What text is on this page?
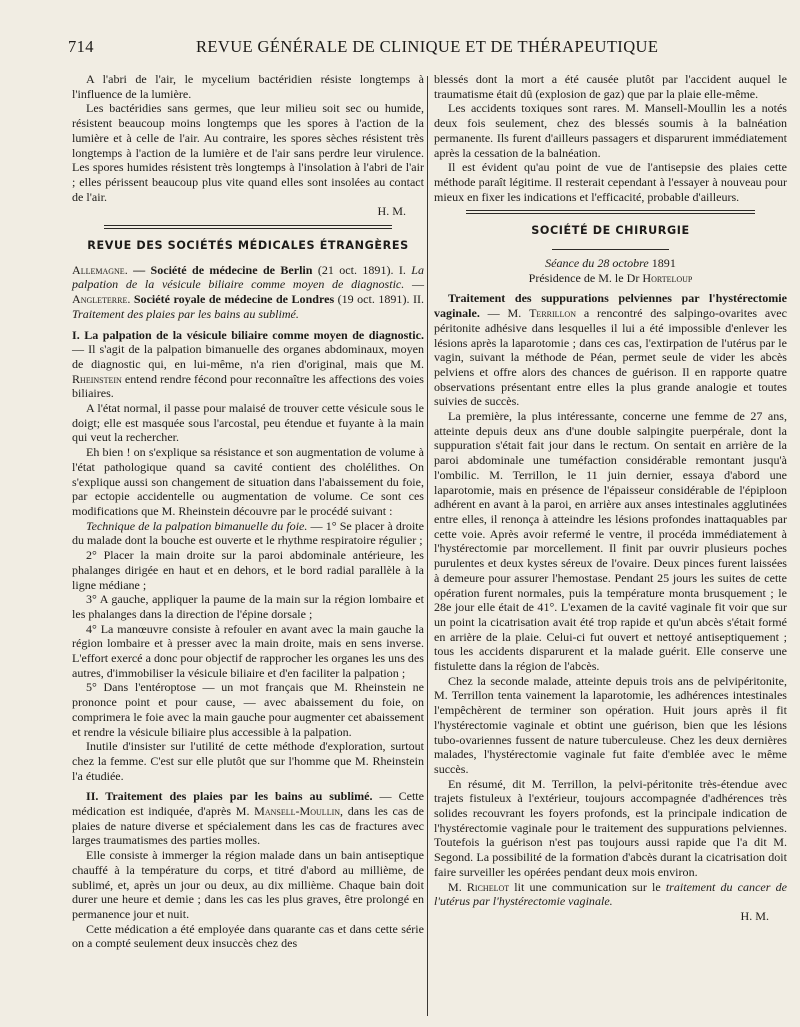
714	REVUE GÉNÉRALE DE CLINIQUE ET DE THÉRAPEUTIQUE

A l'abri de l'air, le mycelium bactéridien résiste longtemps à l'influence de la lumière.

Les bactéridies sans germes, que leur milieu soit sec ou humide, résistent beaucoup moins longtemps que les spores à l'action de la lumière et à celle de l'air. Au contraire, les spores sèches résistent très longtemps à l'action de la lumière et de l'air sans perdre leur virulence. Les spores humides résistent très longtemps à l'insolation à l'abri de l'air ; elles périssent beaucoup plus vite quand elles sont insolées au contact de l'air.

H. M.

REVUE DES SOCIÉTÉS MÉDICALES ÉTRANGÈRES

Allemagne. — Société de médecine de Berlin (21 oct. 1891). I. La palpation de la vésicule biliaire comme moyen de diagnostic. — Angleterre. Société royale de médecine de Londres (19 oct. 1891). II. Traitement des plaies par les bains au sublimé.

I. La palpation de la vésicule biliaire comme moyen de diagnostic. — Il s'agit de la palpation bimanuelle des organes abdominaux, moyen de diagnostic qui, en lui-même, n'a rien d'original, mais que M. Rheinstein entend rendre fécond pour reconnaître les affections des voies biliaires.

A l'état normal, il passe pour malaisé de trouver cette vésicule sous le doigt; elle est masquée sous l'arcostal, peu étendue et fuyante à la main qui veut la rechercher.

Eh bien ! on s'explique sa résistance et son augmentation de volume à l'état pathologique quand sa cavité contient des cholélithes. On s'explique aussi son changement de situation dans l'abaissement du foie, par ectopie accidentelle ou augmentation de volume. Ce sont ces modifications que M. Rheinstein découvre par le procédé suivant :

Technique de la palpation bimanuelle du foie. — 1° Se placer à droite du malade dont la bouche est ouverte et le rhythme respiratoire régulier ;

2° Placer la main droite sur la paroi abdominale antérieure, les phalanges dirigée en haut et en dehors, et le bord radial parallèle à la ligne médiane ;

3° A gauche, appliquer la paume de la main sur la région lombaire et les phalanges dans la direction de l'épine dorsale ;

4° La manœuvre consiste à refouler en avant avec la main gauche la région lombaire et à presser avec la main droite, mais en sens inverse. L'effort exercé a donc pour objectif de rapprocher les organes les uns des autres, d'immobiliser la vésicule biliaire et d'en faciliter la palpation ;

5° Dans l'entéroptose — un mot français que M. Rheinstein ne prononce point et pour cause, — avec abaissement du foie, on comprimera le foie avec la main gauche pour augmenter cet abaissement et rendre la vésicule biliaire plus accessible à la palpation.

Inutile d'insister sur l'utilité de cette méthode d'exploration, surtout chez la femme. C'est sur elle plutôt que sur l'homme que M. Rheinstein l'a étudiée.

II. Traitement des plaies par les bains au sublimé. — Cette médication est indiquée, d'après M. Mansell-Moullin, dans les cas de plaies de nature diverse et spécialement dans les cas de fractures avec larges traumatismes des parties molles.

Elle consiste à immerger la région malade dans un bain antiseptique chauffé à la température du corps, et titré d'abord au millième, de sublimé, et, après un jour ou deux, au dix millième. Chaque bain doit durer une heure et demie ; dans les cas les plus graves, être prolongé en permanence jour et nuit.

Cette médication a été employée dans quarante cas et dans cette série on a compté seulement deux insuccès chez des

blessés dont la mort a été causée plutôt par l'accident auquel le traumatisme était dû (explosion de gaz) que par la plaie elle-même.

Les accidents toxiques sont rares. M. Mansell-Moullin les a notés deux fois seulement, chez des blessés soumis à la balnéation permanente. Ils furent d'ailleurs passagers et disparurent immédiatement après la cessation de la balnéation.

Il est évident qu'au point de vue de l'antisepsie des plaies cette méthode paraît légitime. Il resterait cependant à l'essayer à nouveau pour mieux en fixer les indications et l'efficacité, probable d'ailleurs.

SOCIÉTÉ DE CHIRURGIE

Séance du 28 octobre 1891

Présidence de M. le Dr Horteloup

Traitement des suppurations pelviennes par l'hystérectomie vaginale. — M. Terrillon a rencontré des salpingo-ovarites avec péritonite adhésive dans lesquelles il lui a été impossible d'enlever les lésions après la laparotomie ; dans ces cas, l'extirpation de l'utérus par le vagin, suivant la méthode de Péan, permet seule de vider les abcès pelviens et offre alors des chances de guérison. Il en rapporte quatre observations présentant entre elles la plus grande analogie et toutes suivies de succès.

La première, la plus intéressante, concerne une femme de 27 ans, atteinte depuis deux ans d'une double salpingite puerpérale, dont la suppuration s'était fait jour dans le rectum. On sentait en arrière de la paroi abdominale une tuméfaction considérable remontant jusqu'à l'ombilic. M. Terrillon, le 11 juin dernier, essaya d'abord une laparotomie, mais en présence de l'épaisseur considérable de l'épiploon adhérent en avant à la paroi, en arrière aux anses intestinales agglutinées entre elles, il renonça à atteindre les lésions profondes inattaquables par cette voie. Après avoir refermé le ventre, il procéda immédiatement à l'hystérectomie par morcellement. Il finit par ouvrir plusieurs poches purulentes et deux kystes séreux de l'ovaire. Deux pinces furent laissées à demeure pour assurer l'hemostase. Pendant 25 jours les suites de cette opération furent normales, puis la température monta brusquement ; le 28e jour elle était de 41°. L'examen de la cavité vaginale fit voir que sur un point la cicatrisation avait été trop rapide et qu'un abcès s'était formé en arrière de la plaie. Celui-ci fut ouvert et nettoyé antiseptiquement ; tous les accidents disparurent et la malade guérit. Elle conserve une fistulette dans la région de l'abcès.

Chez la seconde malade, atteinte depuis trois ans de pelvipéritonite, M. Terrillon tenta vainement la laparotomie, les adhérences intestinales l'empêchèrent de terminer son opération. Huit jours après il fit l'hystérectomie vaginale et obtint une guérison, bien que les lésions tubo-ovariennes fussent de nature tuberculeuse. Chez les deux dernières malades, l'hystérectomie vaginale fut faite d'emblée avec le même succès.

En résumé, dit M. Terrillon, la pelvi-péritonite très-étendue avec trajets fistuleux à l'extérieur, toujours accompagnée d'adhérences très solides recouvrant les foyers profonds, est la principale indication de l'hystérectomie vaginale pour le traitement des suppurations pelviennes. Toutefois la guérison n'est pas toujours aussi rapide que l'a dit M. Segond. La possibilité de la formation d'abcès durant la cicatrisation doit faire surveiller les opérées pendant deux mois environ.

M. Richelot lit une communication sur le traitement du cancer de l'utérus par l'hystérectomie vaginale.

H. M.
